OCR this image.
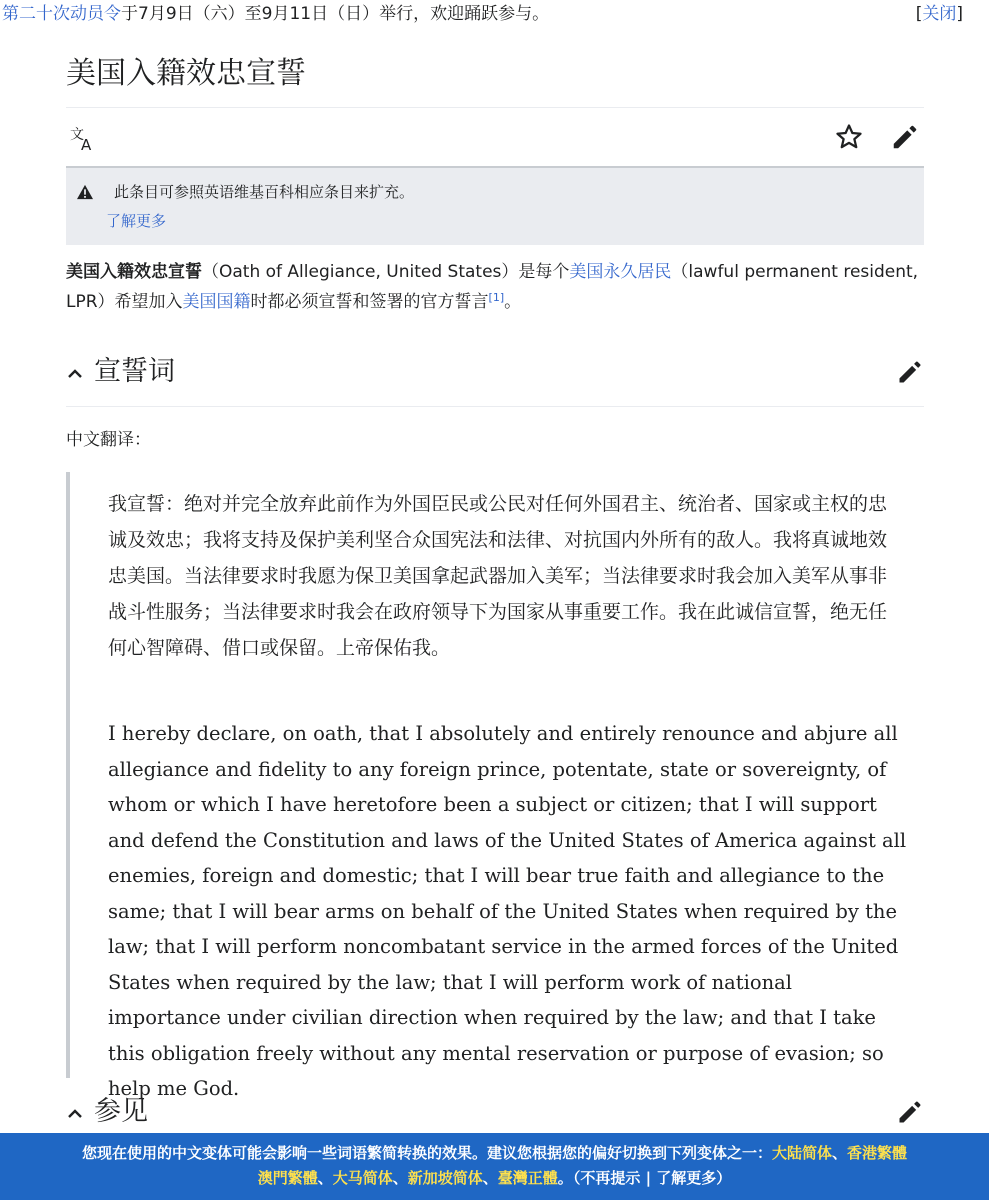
第二十次动员令于7月9日（六）至9月11日（日）举行，欢迎踊跃参与。	[关闭]
美国入籍效忠宣誓
文
A
此条目可参照英语维基百科相应条目来扩充。
了解更多
美国入籍效忠宣誓（Oath of Allegiance, United States）是每个美国永久居民（lawful permanent resident, LPR）希望加入美国国籍时都必须宣誓和签署的官方誓言[1]。
宣誓词
中文翻译：
我宣誓：绝对并完全放弃此前作为外国臣民或公民对任何外国君主、统治者、国家或主权的忠诚及效忠；我将支持及保护美利坚合众国宪法和法律、对抗国内外所有的敌人。我将真诚地效忠美国。当法律要求时我愿为保卫美国拿起武器加入美军；当法律要求时我会加入美军从事非战斗性服务；当法律要求时我会在政府领导下为国家从事重要工作。我在此诚信宣誓，绝无任何心智障碍、借口或保留。上帝保佑我。
I hereby declare, on oath, that I absolutely and entirely renounce and abjure all allegiance and fidelity to any foreign prince, potentate, state or sovereignty, of whom or which I have heretofore been a subject or citizen; that I will support and defend the Constitution and laws of the United States of America against all enemies, foreign and domestic; that I will bear true faith and allegiance to the same; that I will bear arms on behalf of the United States when required by the law; that I will perform noncombatant service in the armed forces of the United States when required by the law; that I will perform work of national importance under civilian direction when required by the law; and that I take this obligation freely without any mental reservation or purpose of evasion; so help me God.
参见
您现在使用的中文变体可能会影响一些词语繁简转换的效果。建议您根据您的偏好切换到下列变体之一：大陆简体、香港繁體
澳門繁體、大马简体、新加坡简体、臺灣正體。（不再提示 | 了解更多）
